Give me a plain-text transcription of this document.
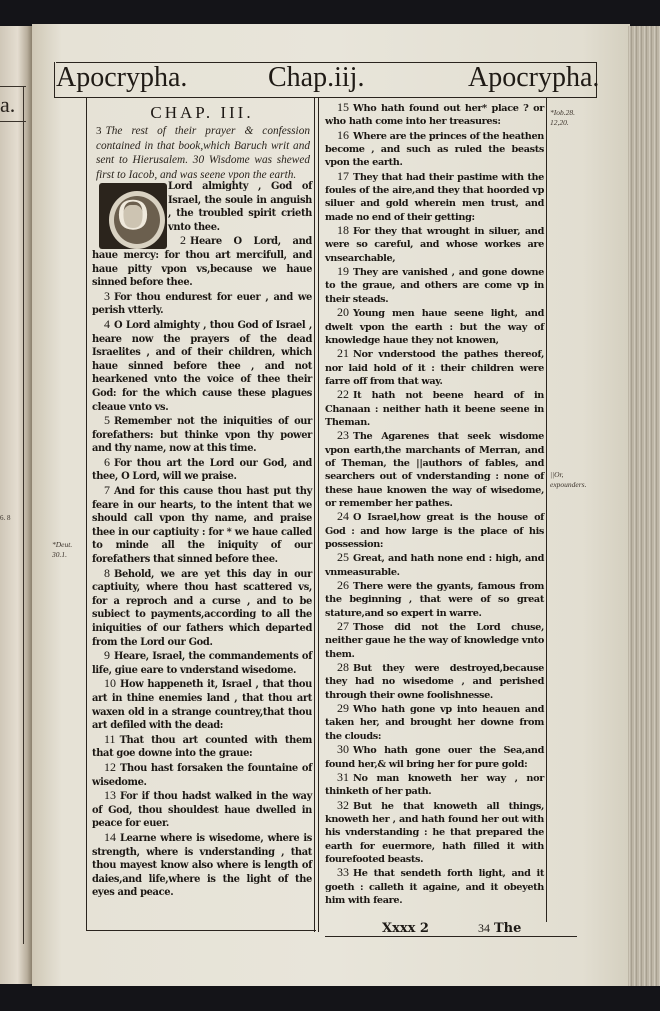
a.
6. 8
Apocrypha.	Chap.iij.	Apocrypha.
CHAP. III.
3 The rest of their prayer & confession contained in that book,which Baruch writ and sent to Hierusalem. 30 Wisdome was shewed first to Iacob, and was seene vpon the earth.
O

Lord almighty , God of Israel, the soule in anguish , the troubled spirit crieth vnto thee.

2 Heare O Lord, and haue mercy: for thou art mercifull, and haue pitty vpon vs,because we haue sinned before thee.

3 For thou endurest for euer , and we perish vtterly.

4 O Lord almighty , thou God of Israel , heare now the prayers of the dead Israelites , and of their children, which haue sinned before thee , and not hearkened vnto the voice of thee their God: for the which cause these plagues cleaue vnto vs.

5 Remember not the iniquities of our forefathers: but thinke vpon thy power and thy name, now at this time.

6 For thou art the Lord our God, and thee, O Lord, will we praise.

7 And for this cause thou hast put thy feare in our hearts, to the intent that we should call vpon thy name, and praise thee in our captiuity : for * we haue called to minde all the iniquity of our forefathers that sinned before thee.

8 Behold, we are yet this day in our captiuity, where thou hast scattered vs, for a reproch and a curse , and to be subiect to payments,according to all the iniquities of our fathers which departed from the Lord our God.

9 Heare, Israel, the commandements of life, giue eare to vnderstand wisedome.

10 How happeneth it, Israel , that thou art in thine enemies land , that thou art waxen old in a strange countrey,that thou art defiled with the dead:

11 That thou art counted with them that goe downe into the graue:

12 Thou hast forsaken the fountaine of wisedome.

13 For if thou hadst walked in the way of God, thou shouldest haue dwelled in peace for euer.

14 Learne where is wisedome, where is strength, where is vnderstanding , that thou mayest know also where is length of daies,and life,where is the light of the eyes and peace.

15 Who hath found out her* place ? or who hath come into her treasures:

16 Where are the princes of the heathen become , and such as ruled the beasts vpon the earth.

17 They that had their pastime with the foules of the aire,and they that hoorded vp siluer and gold wherein men trust, and made no end of their getting:

18 For they that wrought in siluer, and were so careful, and whose workes are vnsearchable,

19 They are vanished , and gone downe to the graue, and others are come vp in their steads.

20 Young men haue seene light, and dwelt vpon the earth : but the way of knowledge haue they not knowen,

21 Nor vnderstood the pathes thereof, nor laid hold of it : their children were farre off from that way.

22 It hath not beene heard of in Chanaan : neither hath it beene seene in Theman.

23 The Agarenes that seek wisdome vpon earth,the marchants of Merran, and of Theman, the ||authors of fables, and searchers out of vnderstanding : none of these haue knowen the way of wisedome, or remember her pathes.

24 O Israel,how great is the house of God : and how large is the place of his possession:

25 Great, and hath none end : high, and vnmeasurable.

26 There were the gyants, famous from the beginning , that were of so great stature,and so expert in warre.

27 Those did not the Lord chuse, neither gaue he the way of knowledge vnto them.

28 But they were destroyed,because they had no wisedome , and perished through their owne foolishnesse.

29 Who hath gone vp into heauen and taken her, and brought her downe from the clouds:

30 Who hath gone ouer the Sea,and found her,& wil bring her for pure gold:

31 No man knoweth her way , nor thinketh of her path.

32 But he that knoweth all things, knoweth her , and hath found her out with his vnderstanding : he that prepared the earth for euermore, hath filled it with fourefooted beasts.

33 He that sendeth forth light, and it goeth : calleth it againe, and it obeyeth him with feare.

*Iob.28. 12,20.
*Deut. 30.1.
||Or, expounders.
Xxxx 2	34 The
